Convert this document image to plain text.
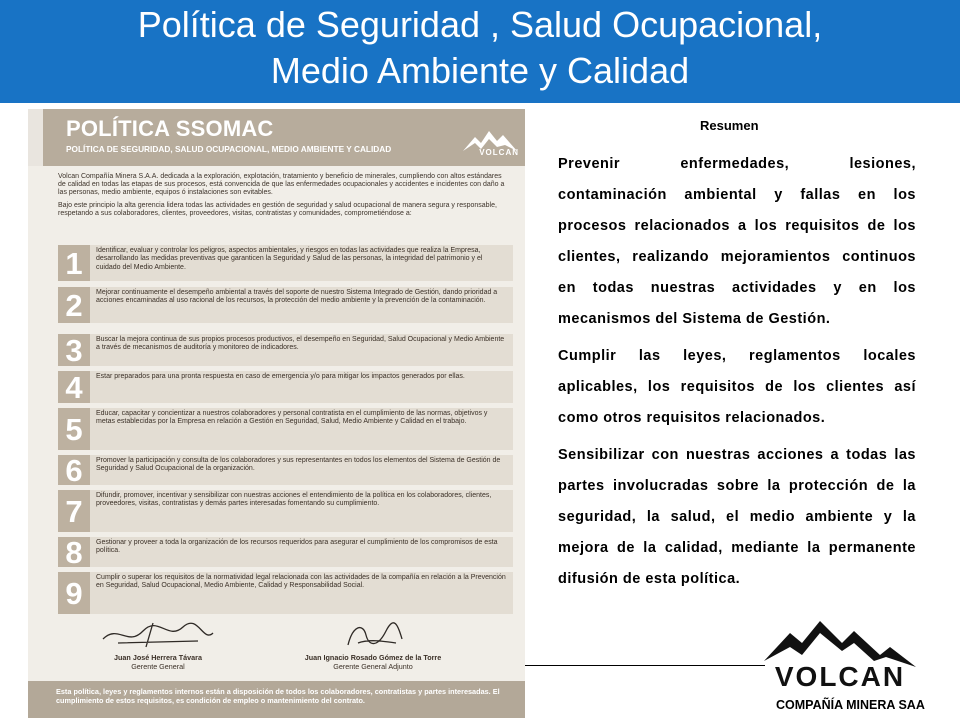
Política de Seguridad , Salud Ocupacional,
Medio Ambiente y Calidad
POLÍTICA SSOMAC
POLÍTICA DE SEGURIDAD, SALUD OCUPACIONAL, MEDIO AMBIENTE Y CALIDAD	VOLCAN

Volcan Compañía Minera S.A.A. dedicada a la exploración, explotación, tratamiento y beneficio de minerales, cumpliendo con altos estándares de calidad en todas las etapas de sus procesos, está convencida de que las enfermedades ocupacionales y accidentes e incidentes con daño a las personas, medio ambiente, equipos ó instalaciones son evitables.

Bajo este principio la alta gerencia lidera todas las actividades en gestión de seguridad y salud ocupacional de manera segura y responsable, respetando a sus colaboradores, clientes, proveedores, visitas, contratistas y comunidades, comprometiéndose a:

1	Identificar, evaluar y controlar los peligros, aspectos ambientales, y riesgos en todas las actividades que realiza la Empresa, desarrollando las medidas preventivas que garanticen la Seguridad y Salud de las personas, la integridad del patrimonio y el cuidado del Medio Ambiente.
2	Mejorar continuamente el desempeño ambiental a través del soporte de nuestro Sistema Integrado de Gestión, dando prioridad a acciones encaminadas al uso racional de los recursos, la protección del medio ambiente y la prevención de la contaminación.
3	Buscar la mejora continua de sus propios procesos productivos, el desempeño en Seguridad, Salud Ocupacional y Medio Ambiente a través de mecanismos de auditoría y monitoreo de indicadores.
4	Estar preparados para una pronta respuesta en caso de emergencia y/o para mitigar los impactos generados por ellas.
5	Educar, capacitar y concientizar a nuestros colaboradores y personal contratista en el cumplimiento de las normas, objetivos y metas establecidas por la Empresa en relación a Gestión en Seguridad, Salud, Medio Ambiente y Calidad en el trabajo.
6	Promover la participación y consulta de los colaboradores y sus representantes en todos los elementos del Sistema de Gestión de Seguridad y Salud Ocupacional de la organización.
7	Difundir, promover, incentivar y sensibilizar con nuestras acciones el entendimiento de la política en los colaboradores, clientes, proveedores, visitas, contratistas y demás partes interesadas fomentando su cumplimiento.
8	Gestionar y proveer a toda la organización de los recursos requeridos para asegurar el cumplimiento de los compromisos de esta política.
9	Cumplir o superar los requisitos de la normatividad legal relacionada con las actividades de la compañía en relación a la Prevención en Seguridad, Salud Ocupacional, Medio Ambiente, Calidad y Responsabilidad Social.
Juan José Herrera Távara
Gerente General
Juan Ignacio Rosado Gómez de la Torre
Gerente General Adjunto
Esta política, leyes y reglamentos internos están a disposición de todos los colaboradores, contratistas y partes interesadas. El cumplimiento de estos requisitos, es condición de empleo o mantenimiento del contrato.
Resumen

Prevenir enfermedades, lesiones, contaminación ambiental y fallas en los procesos relacionados a los requisitos de los clientes, realizando mejoramientos continuos en todas nuestras actividades y en los mecanismos del Sistema de Gestión.

Cumplir las leyes, reglamentos locales aplicables, los requisitos de los clientes así como otros requisitos relacionados.

Sensibilizar con nuestras acciones a todas las partes involucradas sobre la protección de la seguridad, la salud, el medio ambiente y la mejora de la calidad, mediante la permanente difusión de esta política.

VOLCAN
COMPAÑÍA MINERA SAA
